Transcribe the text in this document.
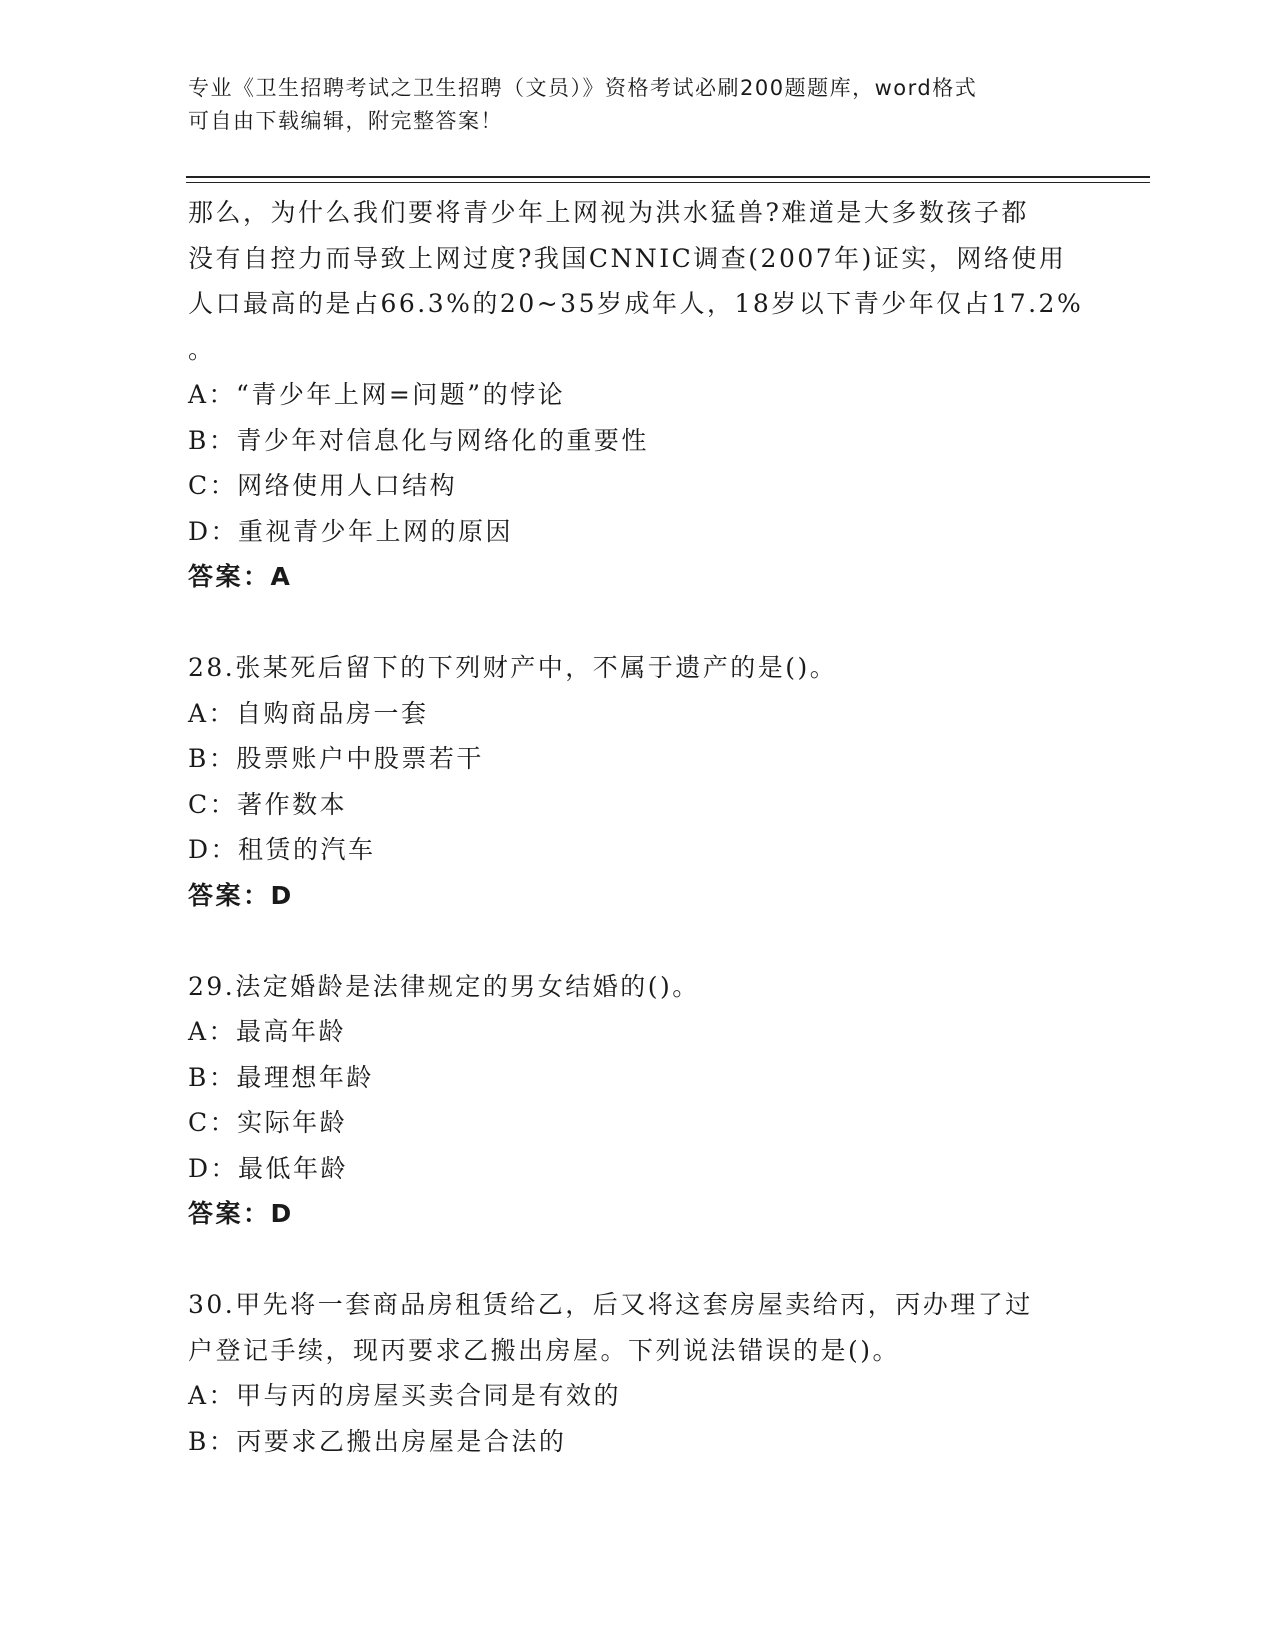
专业《卫生招聘考试之卫生招聘（文员）》资格考试必刷200题题库，word格式
可自由下载编辑，附完整答案！

那么，为什么我们要将青少年上网视为洪水猛兽?难道是大多数孩子都

没有自控力而导致上网过度?我国CNNIC调查(2007年)证实，网络使用

人口最高的是占66.3%的20~35岁成年人，18岁以下青少年仅占17.2%

。

A：“青少年上网=问题”的悖论

B：青少年对信息化与网络化的重要性

C：网络使用人口结构

D：重视青少年上网的原因

答案：A

28.张某死后留下的下列财产中，不属于遗产的是()。

A：自购商品房一套

B：股票账户中股票若干

C：著作数本

D：租赁的汽车

答案：D

29.法定婚龄是法律规定的男女结婚的()。

A：最高年龄

B：最理想年龄

C：实际年龄

D：最低年龄

答案：D

30.甲先将一套商品房租赁给乙，后又将这套房屋卖给丙，丙办理了过

户登记手续，现丙要求乙搬出房屋。下列说法错误的是()。

A：甲与丙的房屋买卖合同是有效的

B：丙要求乙搬出房屋是合法的
